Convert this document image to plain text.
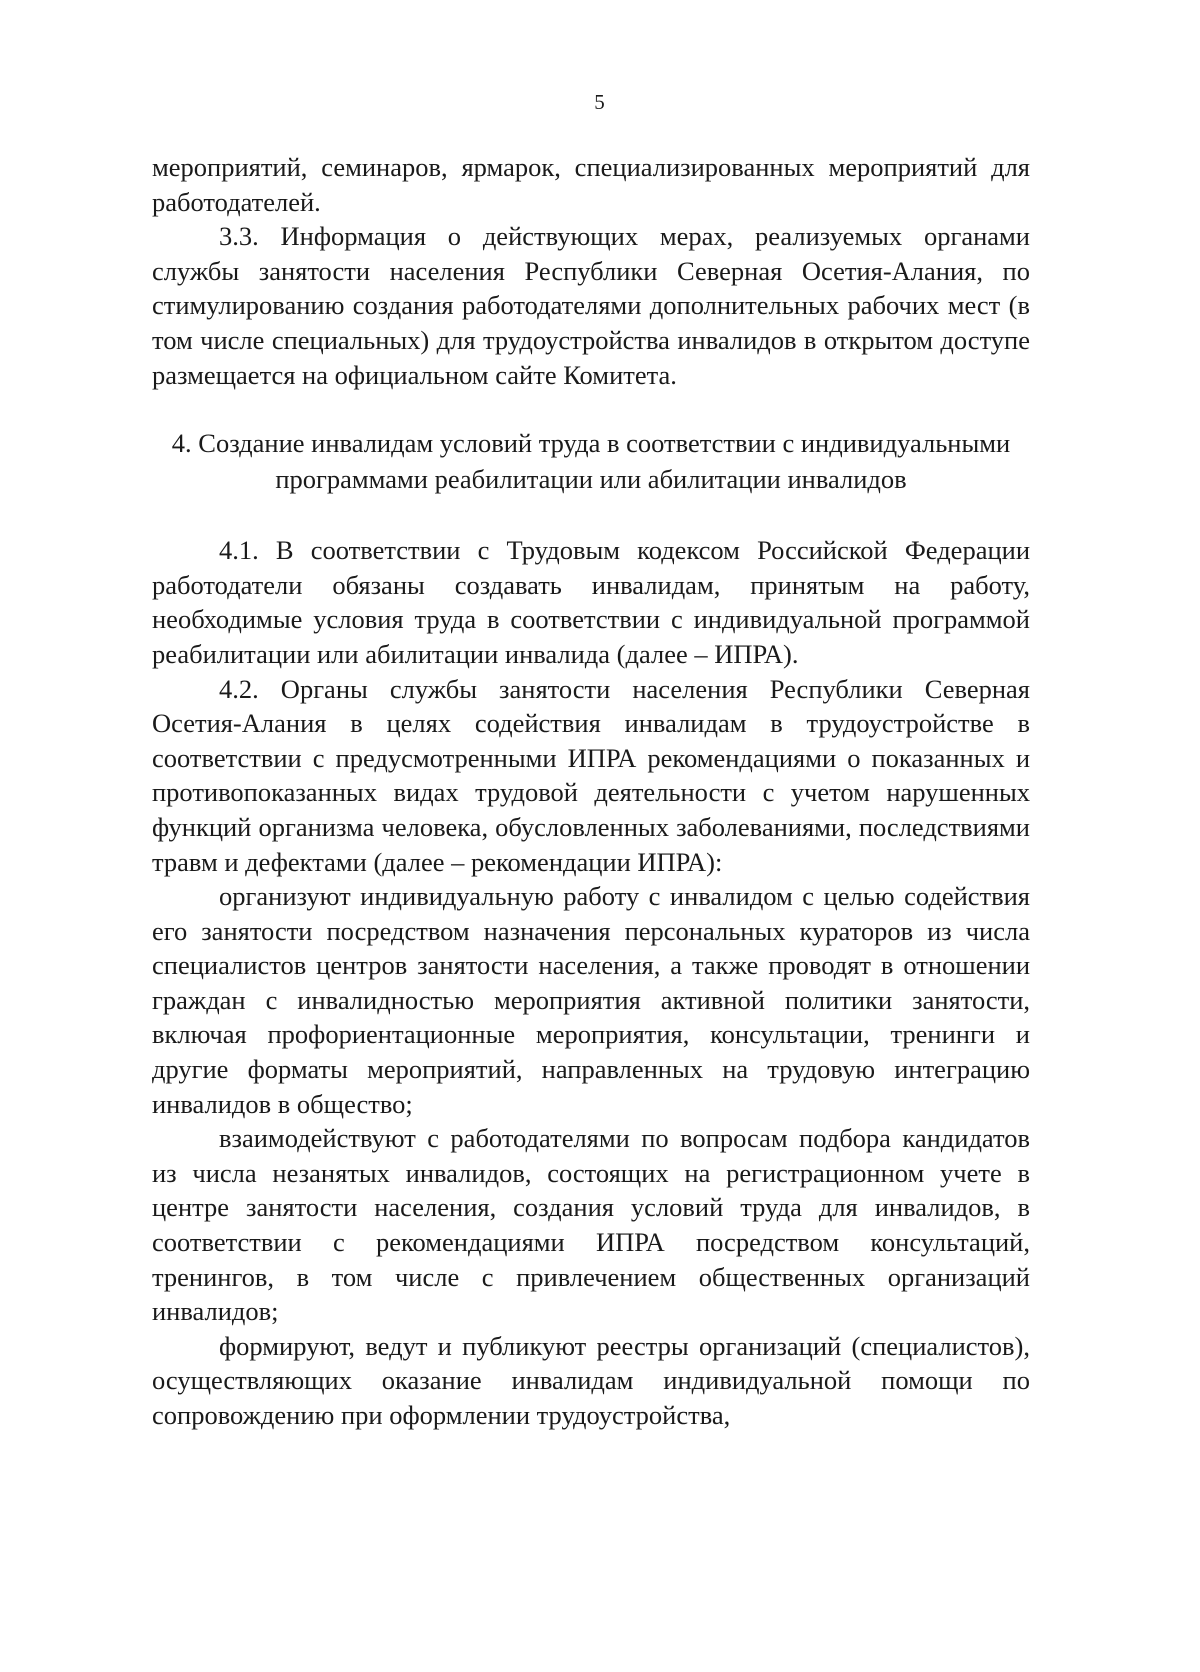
5

мероприятий, семинаров, ярмарок, специализированных мероприятий для работодателей.

3.3. Информация о действующих мерах, реализуемых органами службы занятости населения Республики Северная Осетия-Алания, по стимулированию создания работодателями дополнительных рабочих мест (в том числе специальных) для трудоустройства инвалидов в открытом доступе размещается на официальном сайте Комитета.

4. Создание инвалидам условий труда в соответствии с индивидуальными
программами реабилитации или абилитации инвалидов

4.1. В соответствии с Трудовым кодексом Российской Федерации работодатели обязаны создавать инвалидам, принятым на работу, необходимые условия труда в соответствии с индивидуальной программой реабилитации или абилитации инвалида (далее – ИПРА).

4.2. Органы службы занятости населения Республики Северная Осетия-Алания в целях содействия инвалидам в трудоустройстве в соответствии с предусмотренными ИПРА рекомендациями о показанных и противопоказанных видах трудовой деятельности с учетом нарушенных функций организма человека, обусловленных заболеваниями, последствиями травм и дефектами (далее – рекомендации ИПРА):

организуют индивидуальную работу с инвалидом с целью содействия его занятости посредством назначения персональных кураторов из числа специалистов центров занятости населения, а также проводят в отношении граждан с инвалидностью мероприятия активной политики занятости, включая профориентационные мероприятия, консультации, тренинги и другие форматы мероприятий, направленных на трудовую интеграцию инвалидов в общество;

взаимодействуют с работодателями по вопросам подбора кандидатов из числа незанятых инвалидов, состоящих на регистрационном учете в центре занятости населения, создания условий труда для инвалидов, в соответствии с рекомендациями ИПРА посредством консультаций, тренингов, в том числе с привлечением общественных организаций инвалидов;

формируют, ведут и публикуют реестры организаций (специалистов), осуществляющих оказание инвалидам индивидуальной помощи по сопровождению при оформлении трудоустройства,
